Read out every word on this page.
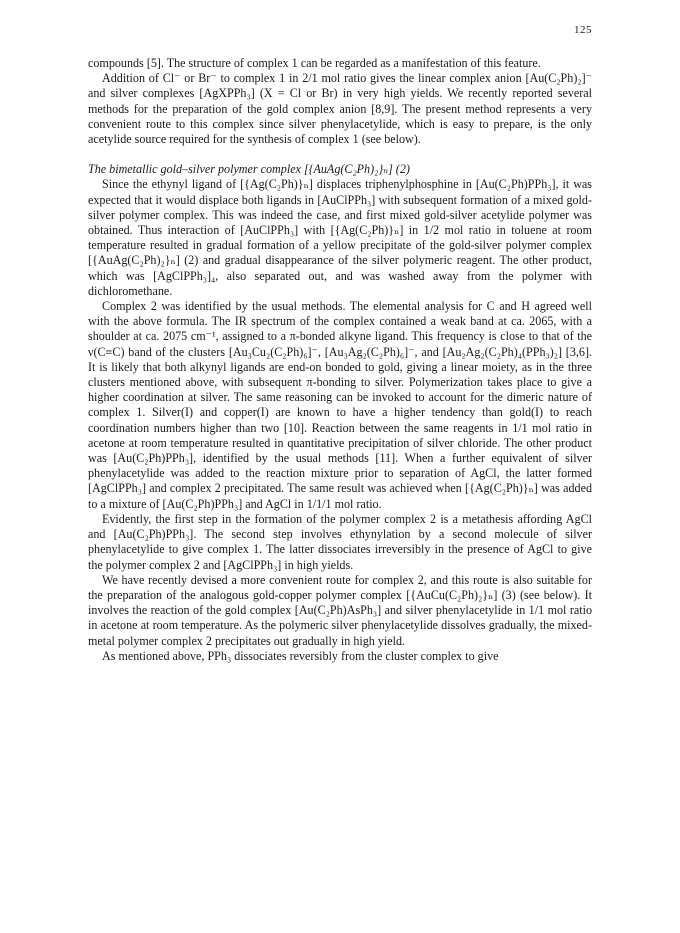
125

compounds [5]. The structure of complex 1 can be regarded as a manifestation of this feature.

Addition of Cl⁻ or Br⁻ to complex 1 in 2/1 mol ratio gives the linear complex anion [Au(C₂Ph)₂]⁻ and silver complexes [AgXPPh₃] (X = Cl or Br) in very high yields. We recently reported several methods for the preparation of the gold complex anion [8,9]. The present method represents a very convenient route to this complex since silver phenylacetylide, which is easy to prepare, is the only acetylide source required for the synthesis of complex 1 (see below).

The bimetallic gold–silver polymer complex [{AuAg(C₂Ph)₂}ₙ] (2)

Since the ethynyl ligand of [{Ag(C₂Ph)}ₙ] displaces triphenylphosphine in [Au(C₂Ph)PPh₃], it was expected that it would displace both ligands in [AuClPPh₃] with subsequent formation of a mixed gold-silver polymer complex. This was indeed the case, and first mixed gold-silver acetylide polymer was obtained. Thus interaction of [AuClPPh₃] with [{Ag(C₂Ph)}ₙ] in 1/2 mol ratio in toluene at room temperature resulted in gradual formation of a yellow precipitate of the gold-silver polymer complex [{AuAg(C₂Ph)₂}ₙ] (2) and gradual disappearance of the silver polymeric reagent. The other product, which was [AgClPPh₃]₄, also separated out, and was washed away from the polymer with dichloromethane.

Complex 2 was identified by the usual methods. The elemental analysis for C and H agreed well with the above formula. The IR spectrum of the complex contained a weak band at ca. 2065, with a shoulder at ca. 2075 cm⁻¹, assigned to a π-bonded alkyne ligand. This frequency is close to that of the ν(C≡C) band of the clusters [Au₃Cu₂(C₂Ph)₆]⁻, [Au₃Ag₂(C₂Ph)₆]⁻, and [Au₂Ag₂(C₂Ph)₄(PPh₃)₂] [3,6]. It is likely that both alkynyl ligands are end-on bonded to gold, giving a linear moiety, as in the three clusters mentioned above, with subsequent π-bonding to silver. Polymerization takes place to give a higher coordination at silver. The same reasoning can be invoked to account for the dimeric nature of complex 1. Silver(I) and copper(I) are known to have a higher tendency than gold(I) to reach coordination numbers higher than two [10]. Reaction between the same reagents in 1/1 mol ratio in acetone at room temperature resulted in quantitative precipitation of silver chloride. The other product was [Au(C₂Ph)PPh₃], identified by the usual methods [11]. When a further equivalent of silver phenylacetylide was added to the reaction mixture prior to separation of AgCl, the latter formed [AgClPPh₃] and complex 2 precipitated. The same result was achieved when [{Ag(C₂Ph)}ₙ] was added to a mixture of [Au(C₂Ph)PPh₃] and AgCl in 1/1/1 mol ratio.

Evidently, the first step in the formation of the polymer complex 2 is a metathesis affording AgCl and [Au(C₂Ph)PPh₃]. The second step involves ethynylation by a second molecule of silver phenylacetylide to give complex 1. The latter dissociates irreversibly in the presence of AgCl to give the polymer complex 2 and [AgClPPh₃] in high yields.

We have recently devised a more convenient route for complex 2, and this route is also suitable for the preparation of the analogous gold-copper polymer complex [{AuCu(C₂Ph)₂}ₙ] (3) (see below). It involves the reaction of the gold complex [Au(C₂Ph)AsPh₃] and silver phenylacetylide in 1/1 mol ratio in acetone at room temperature. As the polymeric silver phenylacetylide dissolves gradually, the mixed-metal polymer complex 2 precipitates out gradually in high yield.

As mentioned above, PPh₃ dissociates reversibly from the cluster complex to give
